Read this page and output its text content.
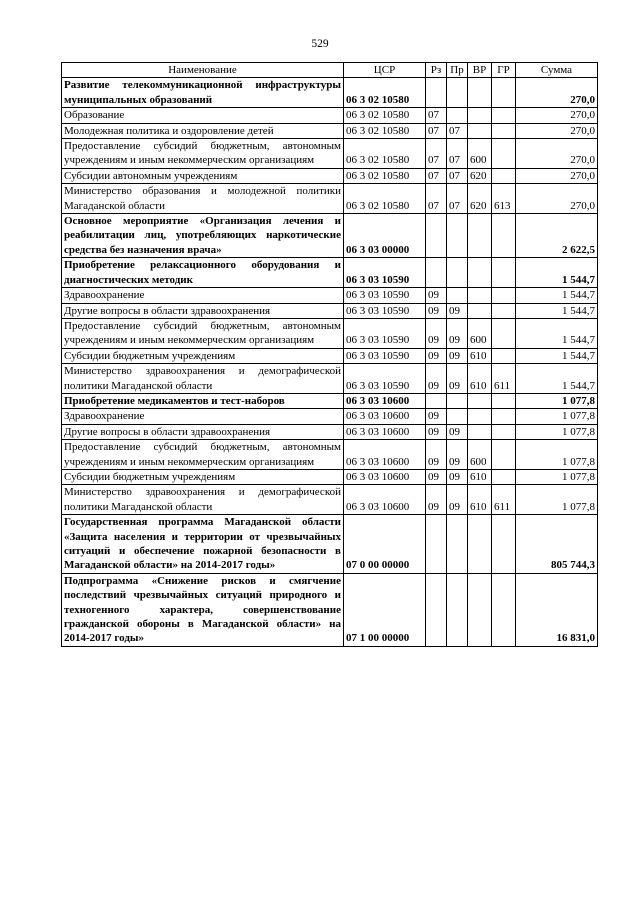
529
Наименование	ЦСР	Рз	Пр	ВР	ГР	Сумма
Развитие телекоммуникационной инфраструктуры муниципальных образований	06 3 02 10580					270,0
Образование	06 3 02 10580	07				270,0
Молодежная политика и оздоровление детей	06 3 02 10580	07	07			270,0
Предоставление субсидий бюджетным, автономным учреждениям и иным некоммерческим организациям	06 3 02 10580	07	07	600		270,0
Субсидии автономным учреждениям	06 3 02 10580	07	07	620		270,0
Министерство образования и молодежной политики Магаданской области	06 3 02 10580	07	07	620	613	270,0
Основное мероприятие «Организация лечения и реабилитации лиц, употребляющих наркотические средства без назначения врача»	06 3 03 00000					2 622,5
Приобретение релаксационного оборудования и диагностических методик	06 3 03 10590					1 544,7
Здравоохранение	06 3 03 10590	09				1 544,7
Другие вопросы в области здравоохранения	06 3 03 10590	09	09			1 544,7
Предоставление субсидий бюджетным, автономным учреждениям и иным некоммерческим организациям	06 3 03 10590	09	09	600		1 544,7
Субсидии бюджетным учреждениям	06 3 03 10590	09	09	610		1 544,7
Министерство здравоохранения и демографической политики Магаданской области	06 3 03 10590	09	09	610	611	1 544,7
Приобретение медикаментов и тест-наборов	06 3 03 10600					1 077,8
Здравоохранение	06 3 03 10600	09				1 077,8
Другие вопросы в области здравоохранения	06 3 03 10600	09	09			1 077,8
Предоставление субсидий бюджетным, автономным учреждениям и иным некоммерческим организациям	06 3 03 10600	09	09	600		1 077,8
Субсидии бюджетным учреждениям	06 3 03 10600	09	09	610		1 077,8
Министерство здравоохранения и демографической политики Магаданской области	06 3 03 10600	09	09	610	611	1 077,8
Государственная программа Магаданской области «Защита населения и территории от чрезвычайных ситуаций и обеспечение пожарной безопасности в Магаданской области» на 2014-2017 годы»	07 0 00 00000					805 744,3
Подпрограмма «Снижение рисков и смягчение последствий чрезвычайных ситуаций природного и техногенного характера, совершенствование гражданской обороны в Магаданской области» на 2014-2017 годы»	07 1 00 00000					16 831,0
